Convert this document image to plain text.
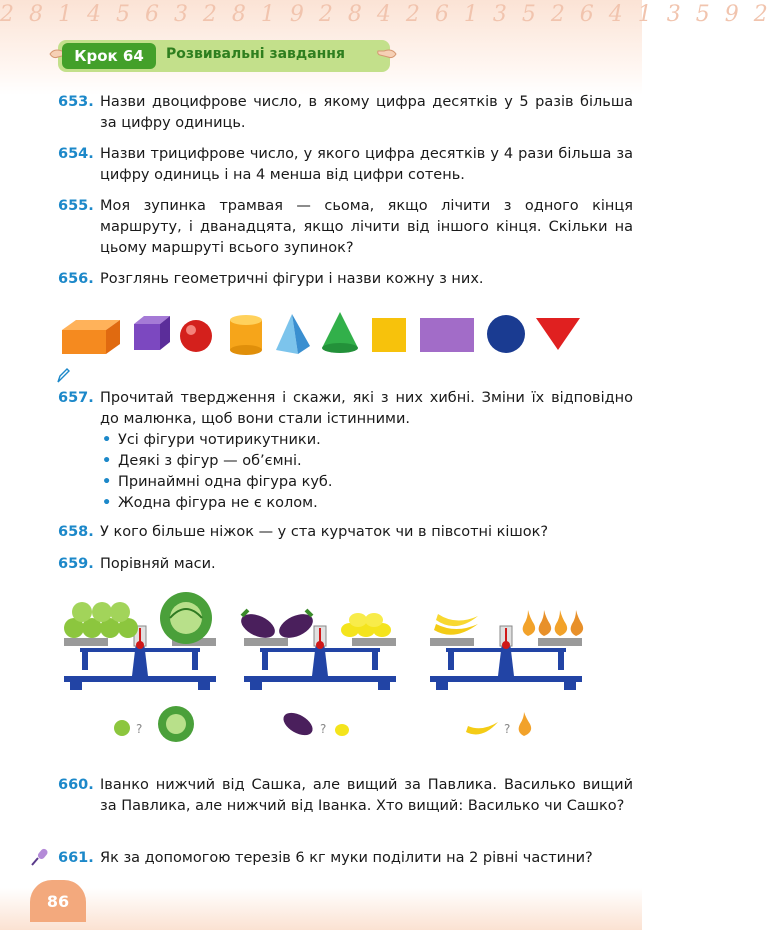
2 8 1 4 5 6 3 2 8 1 9 2 8 4 2 6 1 3 5 2 6 4 1 3 5 9 2
Крок 64	Розвивальні завдання
653. Назви двоцифрове число, в якому цифра десятків у 5 разів більша за цифру одиниць.
654. Назви трицифрове число, у якого цифра десятків у 4 рази більша за цифру одиниць і на 4 менша від цифри сотень.
655. Моя зупинка трамвая — сьома, якщо лічити з одного кінця маршруту, і дванадцята, якщо лічити від іншого кінця. Скільки на цьому маршруті всього зупинок?
656. Розглянь геометричні фігури і назви кожну з них.
657. Прочитай твердження і скажи, які з них хибні. Зміни їх відповідно до малюнка, щоб вони стали істинними.
• Усі фігури чотирикутники.
• Деякі з фігур — об’ємні.
• Принаймні одна фігура куб.
• Жодна фігура не є колом.
658. У кого більше ніжок — у ста курчаток чи в півсотні кішок?
659. Порівняй маси.
?	?	?
660. Іванко нижчий від Сашка, але вищий за Павлика. Василько вищий за Павлика, але нижчий від Іванка. Хто вищий: Василько чи Сашко?
661. Як за допомогою терезів 6 кг муки поділити на 2 рівні частини?
86
